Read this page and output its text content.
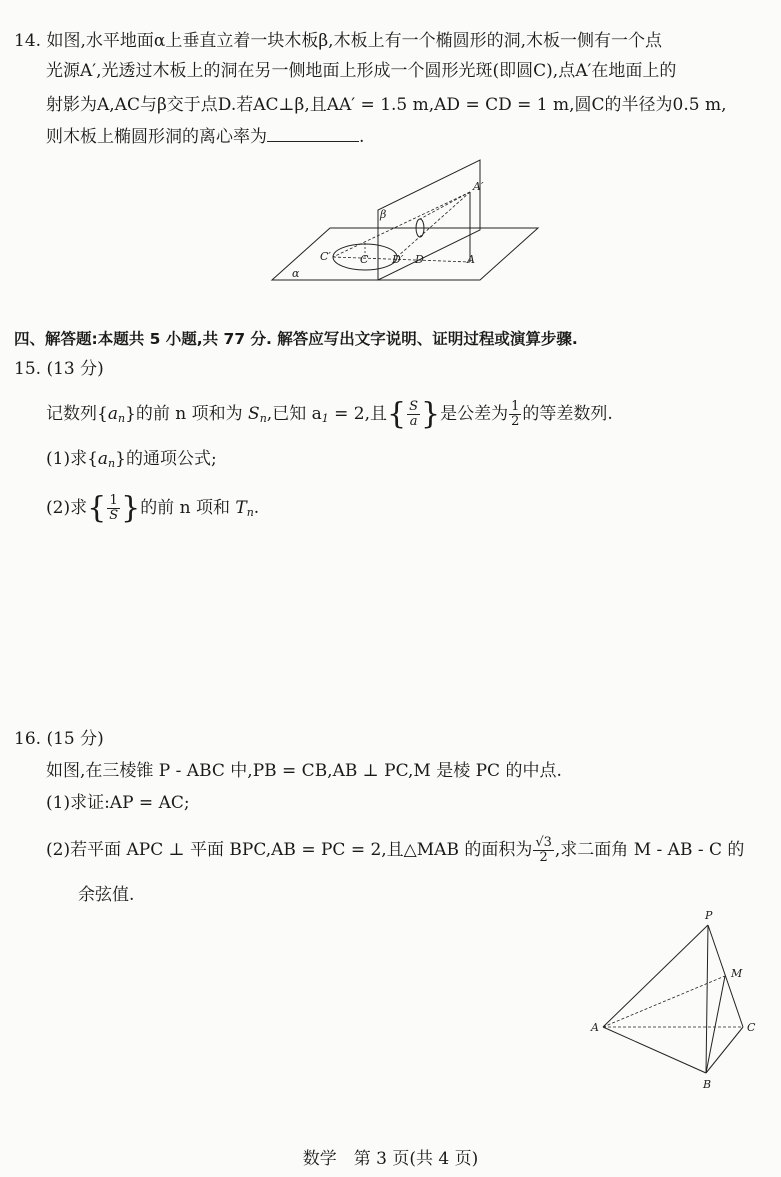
14. 如图,水平地面α上垂直立着一块木板β,木板上有一个椭圆形的洞,木板一侧有一个点
光源A′,光透过木板上的洞在另一侧地面上形成一个圆形光斑(即圆C),点A′在地面上的
射影为A,AC与β交于点D.若AC⊥β,且AA′ = 1.5 m,AD = CD = 1 m,圆C的半径为0.5 m,
则木板上椭圆形洞的离心率为	.
β
α
A′
C′	C D′ D	A
四、解答题:本题共 5 小题,共 77 分. 解答应写出文字说明、证明过程或演算步骤.
15. (13 分)
记数列$\{a_n\}$的前 n 项和为 $S_n$,已知 $a_1 = 2$,且{ $\frac{S}{a}$ }是公差为 $\frac{1}{2}$ 的等差数列.
(1)求$\{a_n\}$的通项公式;
(2)求{ $\frac{1}{S}$ }的前 n 项和 $T_n$.
16. (15 分)
如图,在三棱锥 P - ABC 中,PB = CB,AB ⊥ PC,M 是棱 PC 的中点.
(1)求证:AP = AC;
(2)若平面 APC ⊥ 平面 BPC,AB = PC = 2,且△MAB 的面积为 $\frac{√3}{2}$ ,求二面角 M - AB - C 的
余弦值.
P
M
A	C
B
数学　第 3 页(共 4 页)
